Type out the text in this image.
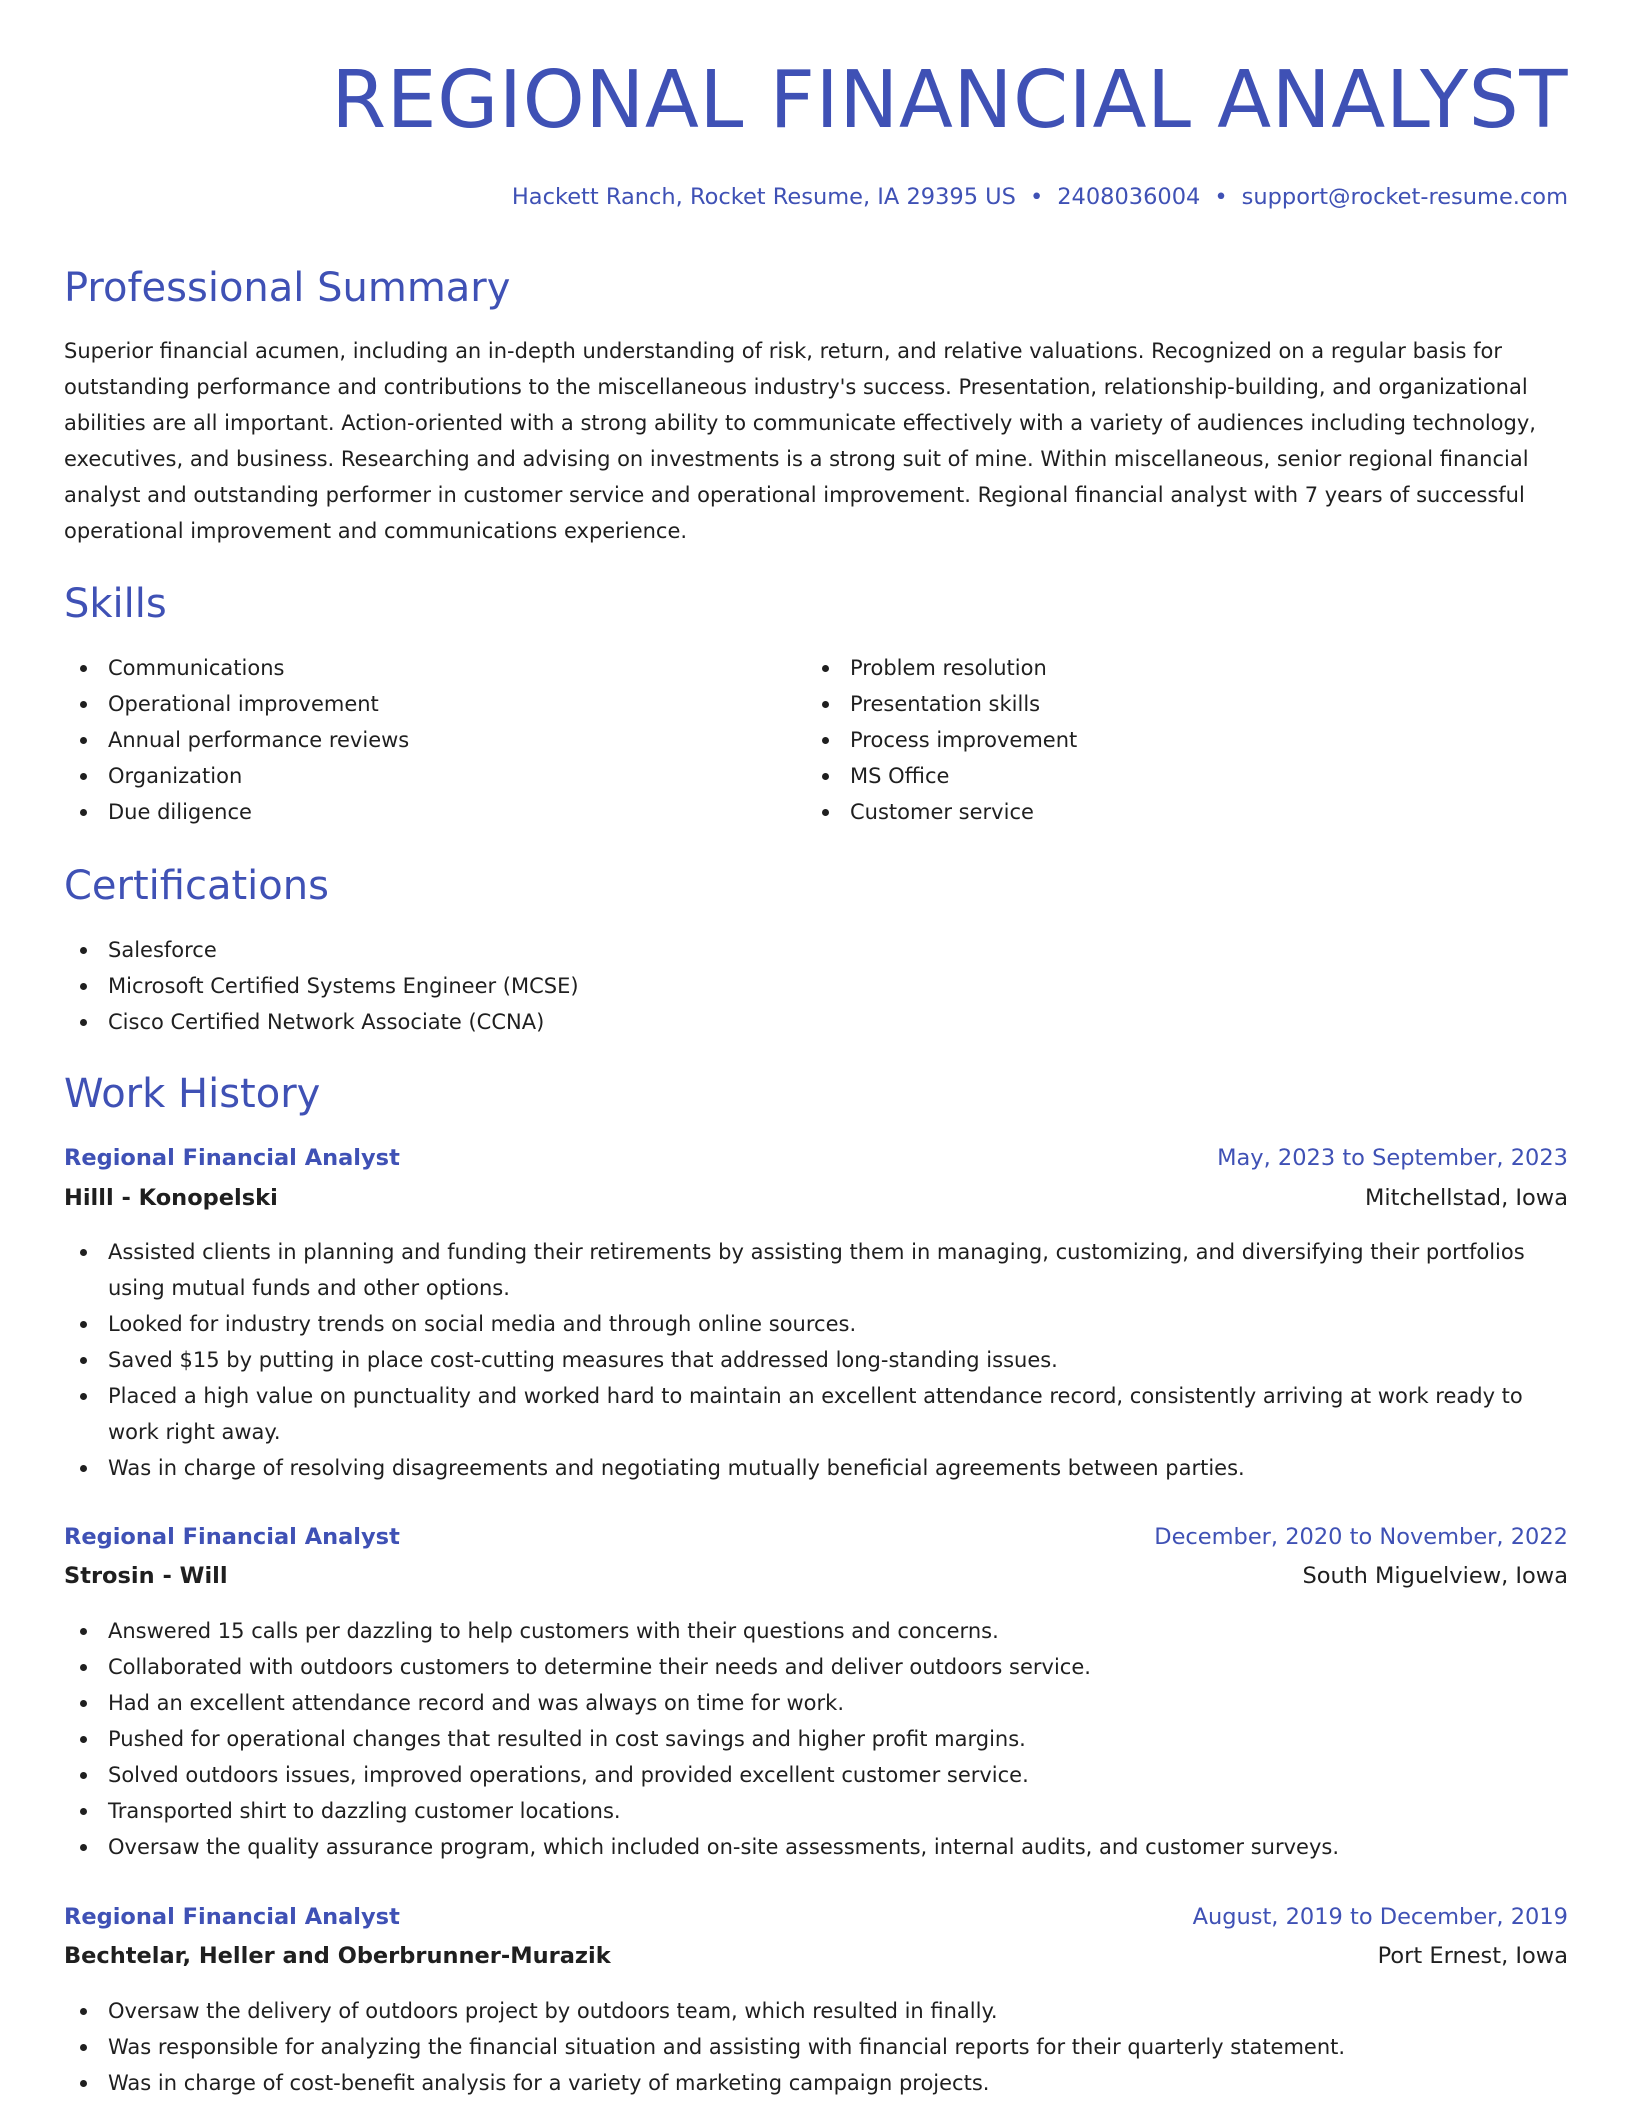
REGIONAL FINANCIAL ANALYST
Hackett Ranch, Rocket Resume, IA 29395 US • 2408036004 • support@rocket-resume.com
Professional Summary

Superior financial acumen, including an in-depth understanding of risk, return, and relative valuations. Recognized on a regular basis for outstanding performance and contributions to the miscellaneous industry's success. Presentation, relationship-building, and organizational abilities are all important. Action-oriented with a strong ability to communicate effectively with a variety of audiences including technology, executives, and business. Researching and advising on investments is a strong suit of mine. Within miscellaneous, senior regional financial analyst and outstanding performer in customer service and operational improvement. Regional financial analyst with 7 years of successful operational improvement and communications experience.

Skills
Communications
Operational improvement
Annual performance reviews
Organization
Due diligence
Problem resolution
Presentation skills
Process improvement
MS Office
Customer service
Certifications
Salesforce
Microsoft Certified Systems Engineer (MCSE)
Cisco Certified Network Associate (CCNA)
Work History
Regional Financial Analyst	May, 2023 to September, 2023
Hilll - Konopelski	Mitchellstad, Iowa
Assisted clients in planning and funding their retirements by assisting them in managing, customizing, and diversifying their portfolios using mutual funds and other options.
Looked for industry trends on social media and through online sources.
Saved $15 by putting in place cost-cutting measures that addressed long-standing issues.
Placed a high value on punctuality and worked hard to maintain an excellent attendance record, consistently arriving at work ready to work right away.
Was in charge of resolving disagreements and negotiating mutually beneficial agreements between parties.
Regional Financial Analyst	December, 2020 to November, 2022
Strosin - Will	South Miguelview, Iowa
Answered 15 calls per dazzling to help customers with their questions and concerns.
Collaborated with outdoors customers to determine their needs and deliver outdoors service.
Had an excellent attendance record and was always on time for work.
Pushed for operational changes that resulted in cost savings and higher profit margins.
Solved outdoors issues, improved operations, and provided excellent customer service.
Transported shirt to dazzling customer locations.
Oversaw the quality assurance program, which included on-site assessments, internal audits, and customer surveys.
Regional Financial Analyst	August, 2019 to December, 2019
Bechtelar, Heller and Oberbrunner-Murazik	Port Ernest, Iowa
Oversaw the delivery of outdoors project by outdoors team, which resulted in finally.
Was responsible for analyzing the financial situation and assisting with financial reports for their quarterly statement.
Was in charge of cost-benefit analysis for a variety of marketing campaign projects.
